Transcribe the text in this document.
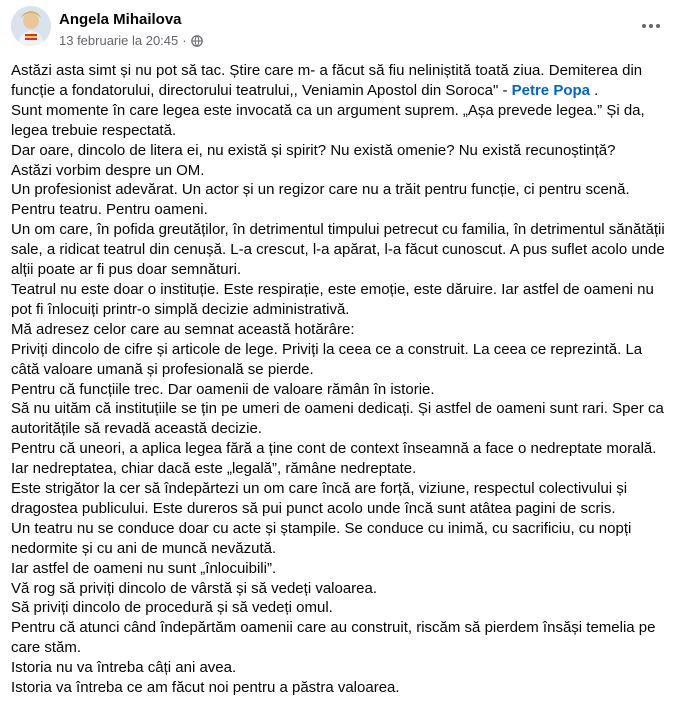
Angela Mihailova
13 februarie la 20:45 ·

Astăzi asta simt și nu pot să tac. Știre care m- a făcut să fiu neliniștită toată ziua. Demiterea din funcție a fondatorului, directorului teatrului,, Veniamin Apostol din Soroca" - Petre Popa .

Sunt momente în care legea este invocată ca un argument suprem. „Așa prevede legea.” Și da, legea trebuie respectată.

Dar oare, dincolo de litera ei, nu există și spirit? Nu există omenie? Nu există recunoștință?

Astăzi vorbim despre un OM.

Un profesionist adevărat. Un actor și un regizor care nu a trăit pentru funcție, ci pentru scenă.

Pentru teatru. Pentru oameni.

Un om care, în pofida greutăților, în detrimentul timpului petrecut cu familia, în detrimentul sănătății sale, a ridicat teatrul din cenușă. L-a crescut, l-a apărat, l-a făcut cunoscut. A pus suflet acolo unde alții poate ar fi pus doar semnături.

Teatrul nu este doar o instituție. Este respirație, este emoție, este dăruire. Iar astfel de oameni nu pot fi înlocuiți printr-o simplă decizie administrativă.

Mă adresez celor care au semnat această hotărâre:

Priviți dincolo de cifre și articole de lege. Priviți la ceea ce a construit. La ceea ce reprezintă. La câtă valoare umană și profesională se pierde.

Pentru că funcțiile trec. Dar oamenii de valoare rămân în istorie.

Să nu uităm că instituțiile se țin pe umeri de oameni dedicați. Și astfel de oameni sunt rari. Sper ca autoritățile să revadă această decizie.

Pentru că uneori, a aplica legea fără a ține cont de context înseamnă a face o nedreptate morală.

Iar nedreptatea, chiar dacă este „legală”, rămâne nedreptate.

Este strigător la cer să îndepărtezi un om care încă are forță, viziune, respectul colectivului și dragostea publicului. Este dureros să pui punct acolo unde încă sunt atâtea pagini de scris.

Un teatru nu se conduce doar cu acte și ștampile. Se conduce cu inimă, cu sacrificiu, cu nopți nedormite și cu ani de muncă nevăzută.

Iar astfel de oameni nu sunt „înlocuibili”.

Vă rog să priviți dincolo de vârstă și să vedeți valoarea.

Să priviți dincolo de procedură și să vedeți omul.

Pentru că atunci când îndepărtăm oamenii care au construit, riscăm să pierdem însăși temelia pe care stăm.

Istoria nu va întreba câți ani avea.

Istoria va întreba ce am făcut noi pentru a păstra valoarea.
